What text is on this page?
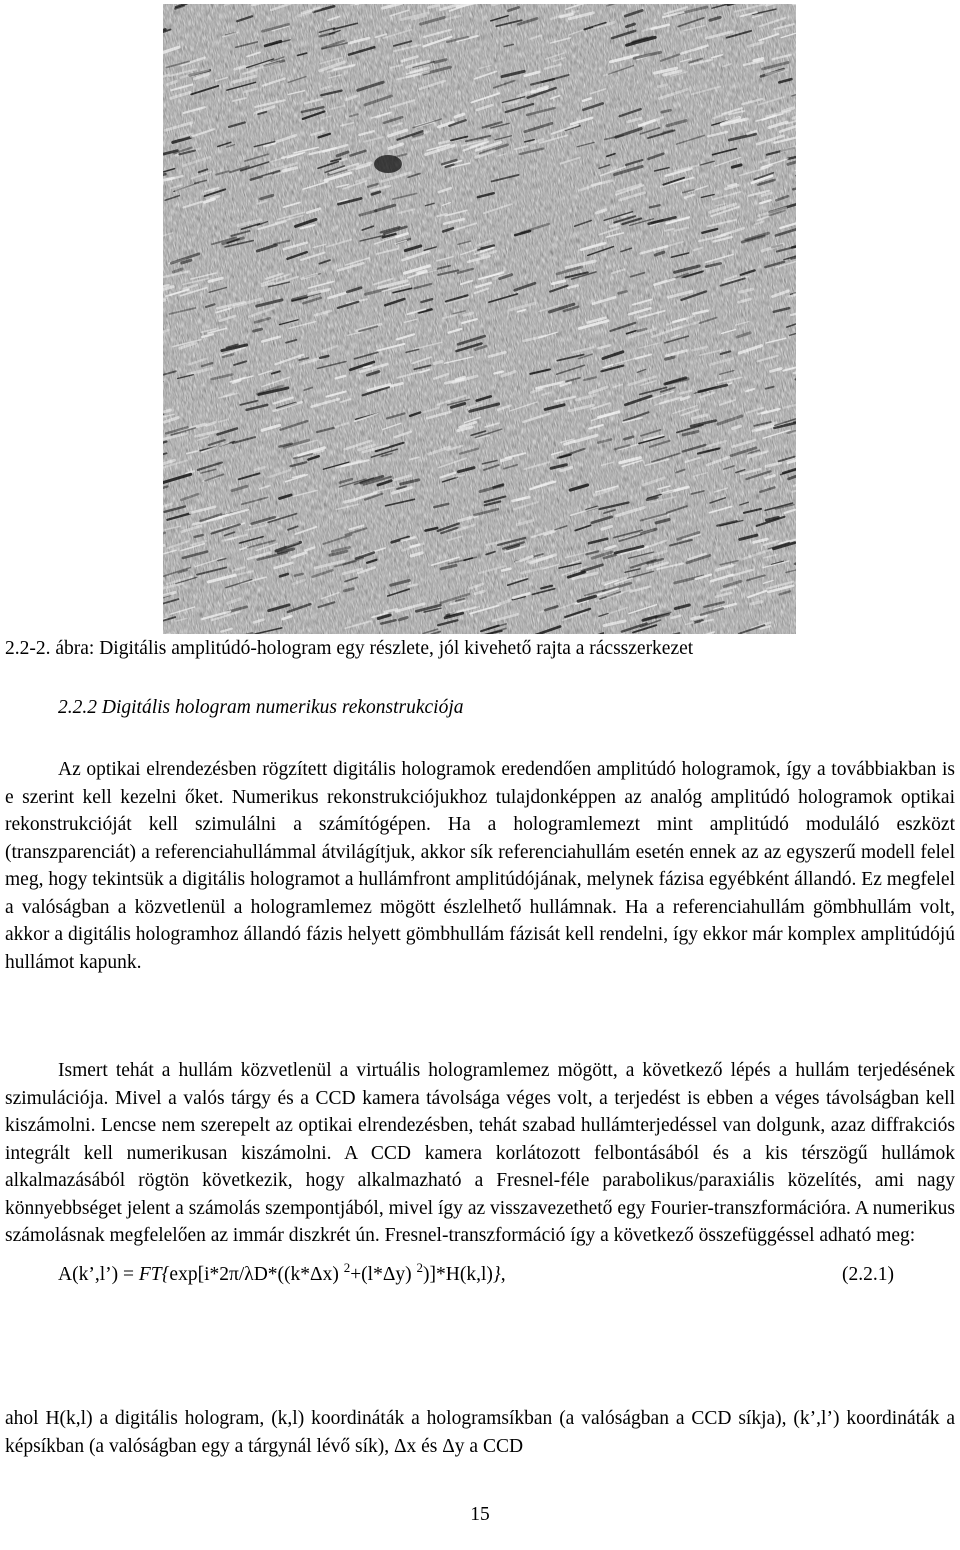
2.2-2. ábra: Digitális amplitúdó-hologram egy részlete, jól kivehető rajta a rácsszerkezet
2.2.2 Digitális hologram numerikus rekonstrukciója

Az optikai elrendezésben rögzített digitális hologramok eredendően amplitúdó hologramok, így a továbbiakban is e szerint kell kezelni őket. Numerikus rekonstrukciójukhoz tulajdonképpen az analóg amplitúdó hologramok optikai rekonstrukcióját kell szimulálni a számítógépen. Ha a hologramlemezt mint amplitúdó moduláló eszközt (transzparenciát) a referenciahullámmal átvilágítjuk, akkor sík referenciahullám esetén ennek az az egyszerű modell felel meg, hogy tekintsük a digitális hologramot a hullámfront amplitúdójának, melynek fázisa egyébként állandó. Ez megfelel a valóságban a közvetlenül a hologramlemez mögött észlelhető hullámnak. Ha a referenciahullám gömbhullám volt, akkor a digitális hologramhoz állandó fázis helyett gömbhullám fázisát kell rendelni, így ekkor már komplex amplitúdójú hullámot kapunk.

Ismert tehát a hullám közvetlenül a virtuális hologramlemez mögött, a következő lépés a hullám terjedésének szimulációja. Mivel a valós tárgy és a CCD kamera távolsága véges volt, a terjedést is ebben a véges távolságban kell kiszámolni. Lencse nem szerepelt az optikai elrendezésben, tehát szabad hullámterjedéssel van dolgunk, azaz diffrakciós integrált kell numerikusan kiszámolni. A CCD kamera korlátozott felbontásából és a kis térszögű hullámok alkalmazásából rögtön következik, hogy alkalmazható a Fresnel-féle parabolikus/paraxiális közelítés, ami nagy könnyebbséget jelent a számolás szempontjából, mivel így az visszavezethető egy Fourier-transzformációra. A numerikus számolásnak megfelelően az immár diszkrét ún. Fresnel-transzformáció így a következő összefüggéssel adható meg:

A(k’,l’) = FT{exp[i*2π/λD*((k*Δx) $^2$+(l*Δy) $^2$)]*H(k,l)},	(2.2.1)

ahol H(k,l) a digitális hologram, (k,l) koordináták a hologramsíkban (a valóságban a CCD síkja), (k’,l’) koordináták a képsíkban (a valóságban egy a tárgynál lévő sík), Δx és Δy a CCD

15
